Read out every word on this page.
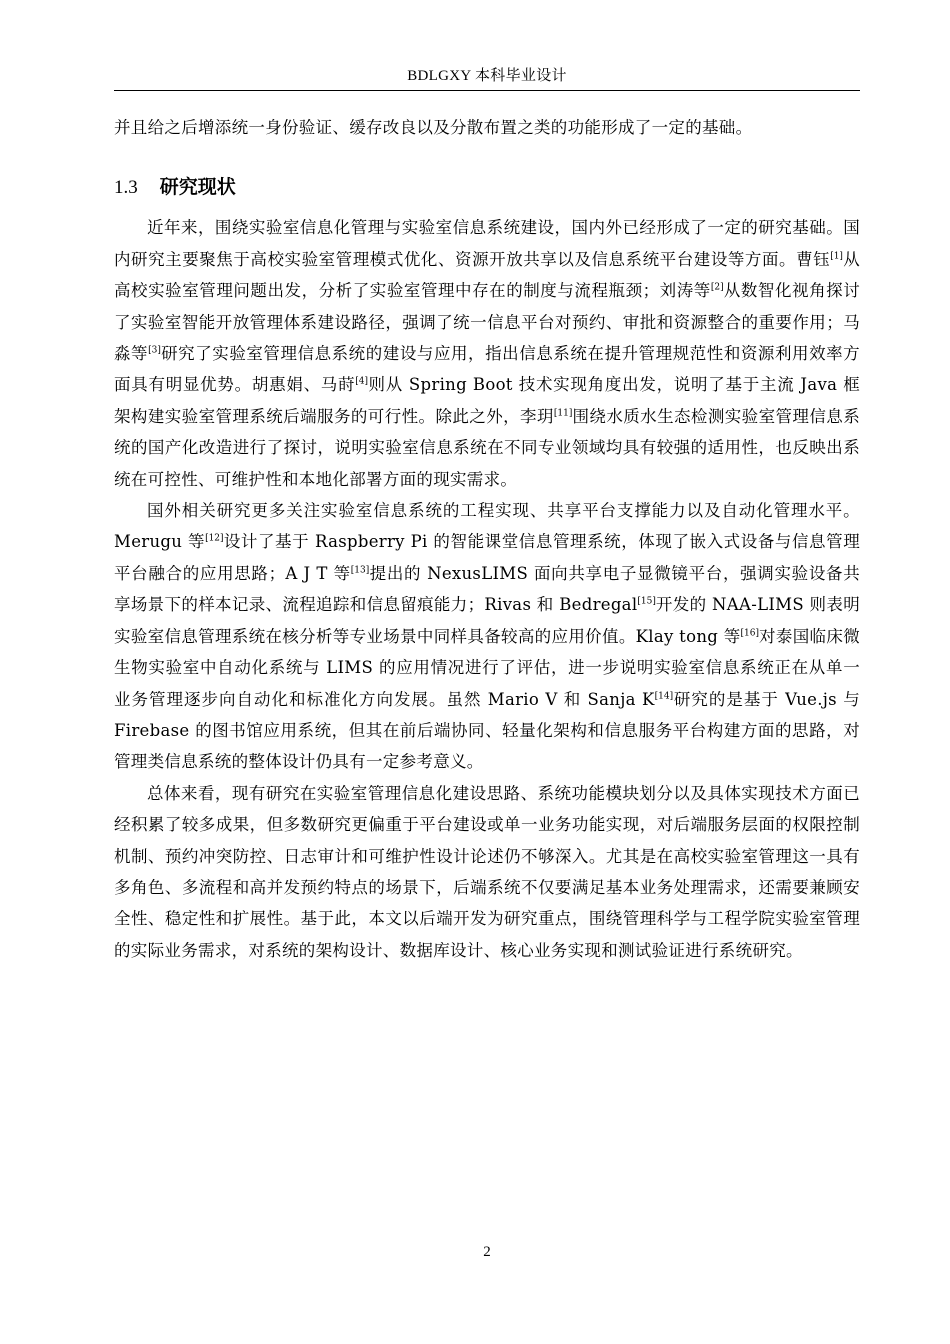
BDLGXY 本科毕业设计

并且给之后增添统一身份验证、缓存改良以及分散布置之类的功能形成了一定的基础。

1.3 研究现状

近年来，围绕实验室信息化管理与实验室信息系统建设，国内外已经形成了一定的研究基础。国内研究主要聚焦于高校实验室管理模式优化、资源开放共享以及信息系统平台建设等方面。曹钰[1]从高校实验室管理问题出发，分析了实验室管理中存在的制度与流程瓶颈；刘涛等[2]从数智化视角探讨了实验室智能开放管理体系建设路径，强调了统一信息平台对预约、审批和资源整合的重要作用；马淼等[3]研究了实验室管理信息系统的建设与应用，指出信息系统在提升管理规范性和资源利用效率方面具有明显优势。胡惠娟、马莳[4]则从 Spring Boot 技术实现角度出发，说明了基于主流 Java 框架构建实验室管理系统后端服务的可行性。除此之外，李玥[11]围绕水质水生态检测实验室管理信息系统的国产化改造进行了探讨，说明实验室信息系统在不同专业领域均具有较强的适用性，也反映出系统在可控性、可维护性和本地化部署方面的现实需求。

国外相关研究更多关注实验室信息系统的工程实现、共享平台支撑能力以及自动化管理水平。Merugu 等[12]设计了基于 Raspberry Pi 的智能课堂信息管理系统，体现了嵌入式设备与信息管理平台融合的应用思路；A J T 等[13]提出的 NexusLIMS 面向共享电子显微镜平台，强调实验设备共享场景下的样本记录、流程追踪和信息留痕能力；Rivas 和 Bedregal[15]开发的 NAA-LIMS 则表明实验室信息管理系统在核分析等专业场景中同样具备较高的应用价值。Klay tong 等[16]对泰国临床微生物实验室中自动化系统与 LIMS 的应用情况进行了评估，进一步说明实验室信息系统正在从单一业务管理逐步向自动化和标准化方向发展。虽然 Mario V 和 Sanja K[14]研究的是基于 Vue.js 与 Firebase 的图书馆应用系统，但其在前后端协同、轻量化架构和信息服务平台构建方面的思路，对管理类信息系统的整体设计仍具有一定参考意义。

总体来看，现有研究在实验室管理信息化建设思路、系统功能模块划分以及具体实现技术方面已经积累了较多成果，但多数研究更偏重于平台建设或单一业务功能实现，对后端服务层面的权限控制机制、预约冲突防控、日志审计和可维护性设计论述仍不够深入。尤其是在高校实验室管理这一具有多角色、多流程和高并发预约特点的场景下，后端系统不仅要满足基本业务处理需求，还需要兼顾安全性、稳定性和扩展性。基于此，本文以后端开发为研究重点，围绕管理科学与工程学院实验室管理的实际业务需求，对系统的架构设计、数据库设计、核心业务实现和测试验证进行系统研究。

2
